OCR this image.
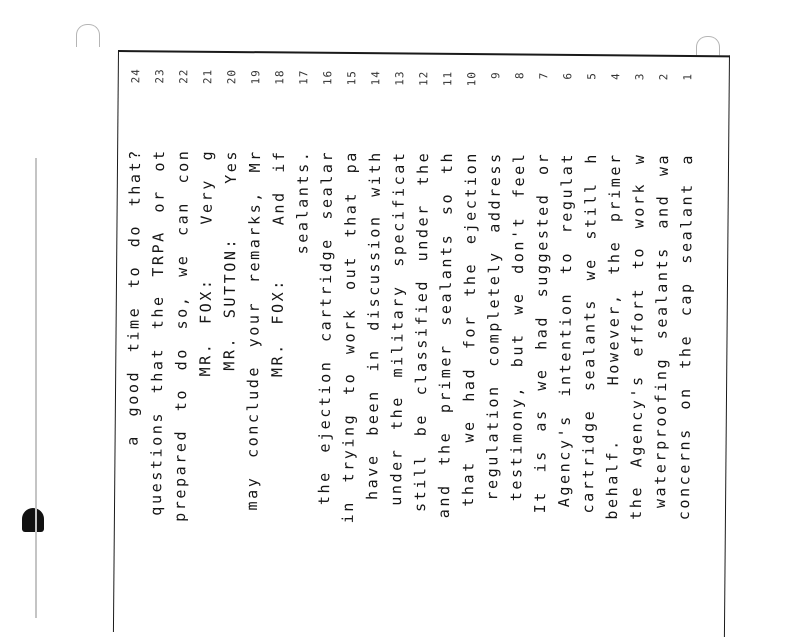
1
concerns on the cap sealant a
2
waterproofing sealants and wa
3
the Agency's effort to work w
4
behalf.   However, the primer
5
cartridge sealants we still h
6
Agency's intention to regulat
7
It is as we had suggested or
8
testimony, but we don't feel
9
regulation completely address
10
that we had for the ejection
11
and the primer sealants so th
12
still be classified under the
13
under the military specificat
14
have been in discussion with
15
in trying to work out that pa
16
the ejection cartridge sealar
17
sealants.
18
MR. FOX:   And if
19
may conclude your remarks, Mr
20
MR. SUTTON:   Yes
21
MR. FOX:   Very g
22
prepared to do so, we can con
23
questions that the TRPA or ot
24
a good time to do that?
